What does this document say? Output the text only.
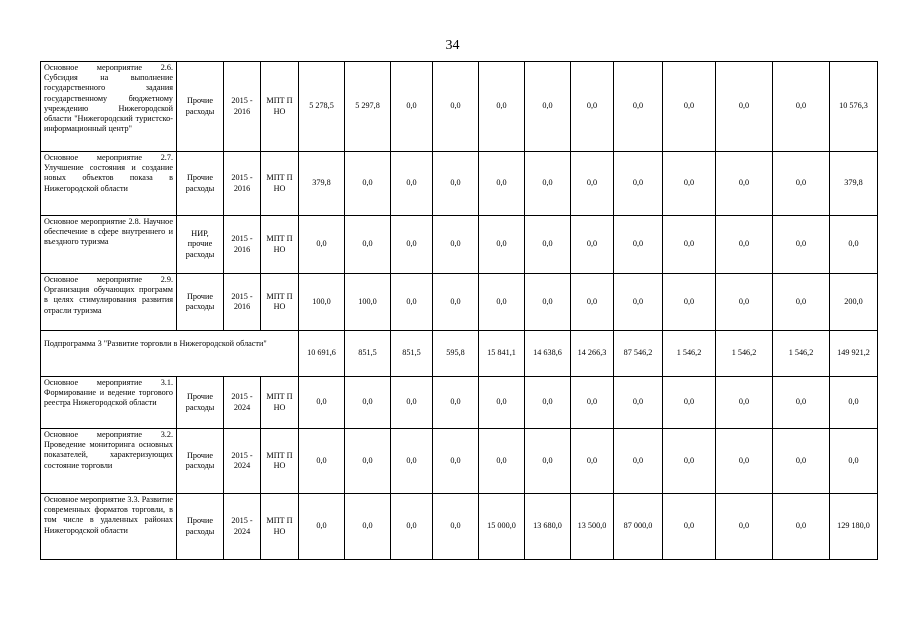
34
Основное мероприятие 2.6. Субсидия на выполнение государственного задания государственному бюджетному учреждению Нижегородской области "Нижегородский туристско-информационный центр"	Прочие расходы	2015 - 2016	МПТ П НО	5 278,5	5 297,8	0,0	0,0	0,0	0,0	0,0	0,0	0,0	0,0	0,0	10 576,3
Основное мероприятие 2.7. Улучшение состояния и создание новых объектов показа в Нижегородской области	Прочие расходы	2015 - 2016	МПТ П НО	379,8	0,0	0,0	0,0	0,0	0,0	0,0	0,0	0,0	0,0	0,0	379,8
Основное мероприятие 2.8. Научное обеспечение в сфере внутреннего и въездного туризма	НИР, прочие расходы	2015 - 2016	МПТ П НО	0,0	0,0	0,0	0,0	0,0	0,0	0,0	0,0	0,0	0,0	0,0	0,0
Основное мероприятие 2.9. Организация обучающих программ в целях стимулирования развития отрасли туризма	Прочие расходы	2015 - 2016	МПТ П НО	100,0	100,0	0,0	0,0	0,0	0,0	0,0	0,0	0,0	0,0	0,0	200,0
Подпрограмма 3 "Развитие торговли в Нижегородской области"				10 691,6	851,5	851,5	595,8	15 841,1	14 638,6	14 266,3	87 546,2	1 546,2	1 546,2	1 546,2	149 921,2
Основное мероприятие 3.1. Формирование и ведение торгового реестра Нижегородской области	Прочие расходы	2015 - 2024	МПТ П НО	0,0	0,0	0,0	0,0	0,0	0,0	0,0	0,0	0,0	0,0	0,0	0,0
Основное мероприятие 3.2. Проведение мониторинга основных показателей, характеризующих состояние торговли	Прочие расходы	2015 - 2024	МПТ П НО	0,0	0,0	0,0	0,0	0,0	0,0	0,0	0,0	0,0	0,0	0,0	0,0
Основное мероприятие 3.3. Развитие современных форматов торговли, в том числе в удаленных районах Нижегородской области	Прочие расходы	2015 - 2024	МПТ П НО	0,0	0,0	0,0	0,0	15 000,0	13 680,0	13 500,0	87 000,0	0,0	0,0	0,0	129 180,0
